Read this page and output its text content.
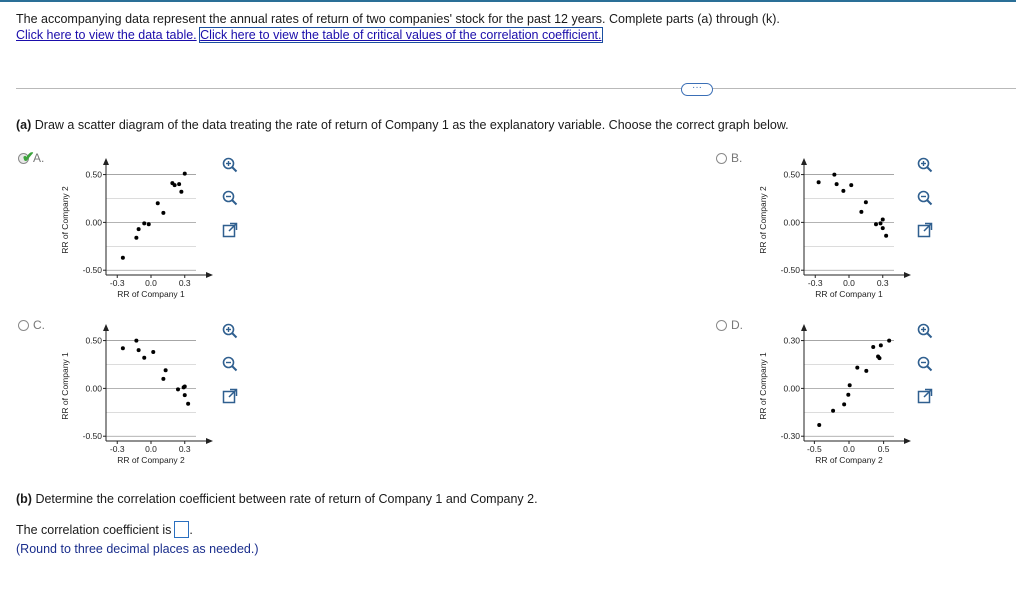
The accompanying data represent the annual rates of return of two companies' stock for the past 12 years. Complete parts (a) through (k).
Click here to view the data table. Click here to view the table of critical values of the correlation coefficient.
···
(a) Draw a scatter diagram of the data treating the rate of return of Company 1 as the explanatory variable. Choose the correct graph below.
A.
✔	B.
C.	D.
-0.50
0.00
0.50
-0.3 0.0	0.3
RR of Company 1
RR of Company 2
-0.50
0.00
0.50
-0.3 0.0	0.3
RR of Company 1
RR of Company 2
-0.50
0.00
0.50
-0.3 0.0	0.3
RR of Company 2
RR of Company 1
-0.30
0.00
0.30
-0.5	0.0	0.5
RR of Company 2
RR of Company 1
(b) Determine the correlation coefficient between rate of return of Company 1 and Company 2.
The correlation coefficient is .
(Round to three decimal places as needed.)
